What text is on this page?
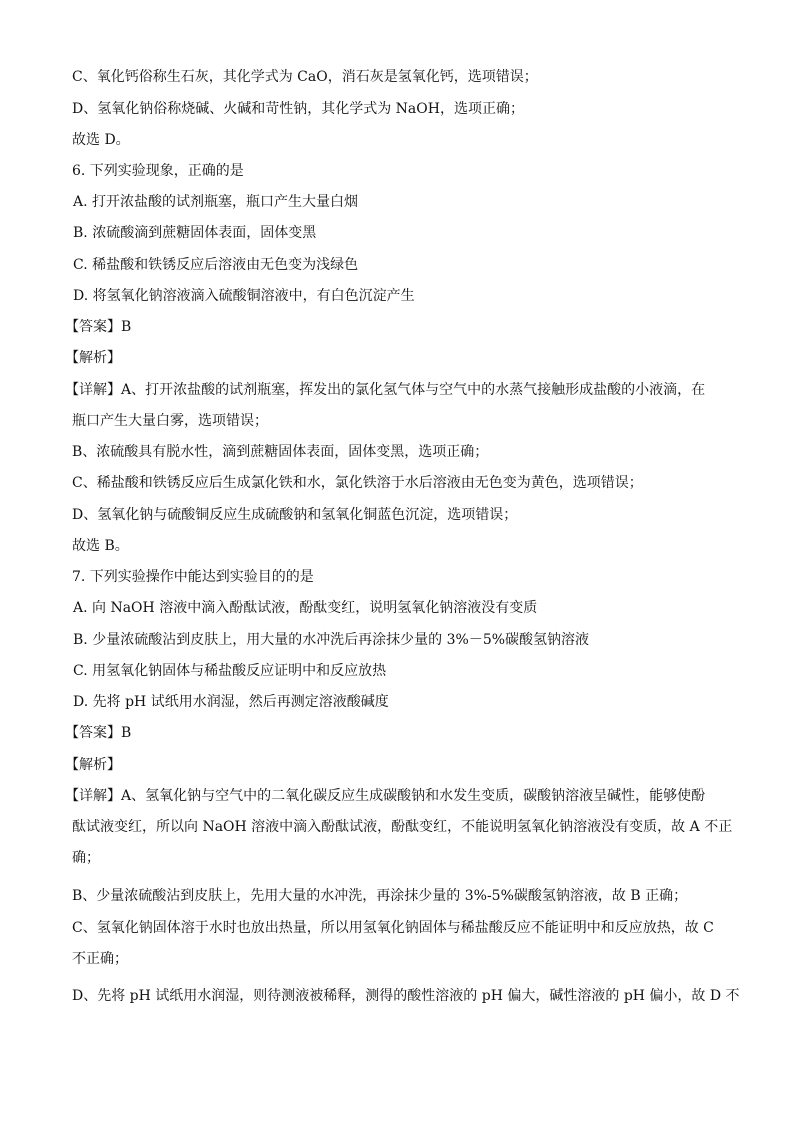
C、氧化钙俗称生石灰，其化学式为 CaO，消石灰是氢氧化钙，选项错误；
D、氢氧化钠俗称烧碱、火碱和苛性钠，其化学式为 NaOH，选项正确；
故选 D。
6. 下列实验现象，正确的是
A. 打开浓盐酸的试剂瓶塞，瓶口产生大量白烟
B. 浓硫酸滴到蔗糖固体表面，固体变黑
C. 稀盐酸和铁锈反应后溶液由无色变为浅绿色
D. 将氢氧化钠溶液滴入硫酸铜溶液中，有白色沉淀产生
【答案】B
【解析】
【详解】A、打开浓盐酸的试剂瓶塞，挥发出的氯化氢气体与空气中的水蒸气接触形成盐酸的小液滴，在
瓶口产生大量白雾，选项错误；
B、浓硫酸具有脱水性，滴到蔗糖固体表面，固体变黑，选项正确；
C、稀盐酸和铁锈反应后生成氯化铁和水，氯化铁溶于水后溶液由无色变为黄色，选项错误；
D、氢氧化钠与硫酸铜反应生成硫酸钠和氢氧化铜蓝色沉淀，选项错误；
故选 B。
7. 下列实验操作中能达到实验目的的是
A. 向 NaOH 溶液中滴入酚酞试液，酚酞变红，说明氢氧化钠溶液没有变质
B. 少量浓硫酸沾到皮肤上，用大量的水冲洗后再涂抹少量的 3%－5%碳酸氢钠溶液
C. 用氢氧化钠固体与稀盐酸反应证明中和反应放热
D. 先将 pH 试纸用水润湿，然后再测定溶液酸碱度
【答案】B
【解析】
【详解】A、氢氧化钠与空气中的二氧化碳反应生成碳酸钠和水发生变质，碳酸钠溶液呈碱性，能够使酚
酞试液变红，所以向 NaOH 溶液中滴入酚酞试液，酚酞变红，不能说明氢氧化钠溶液没有变质，故 A 不正
确；
B、少量浓硫酸沾到皮肤上，先用大量的水冲洗，再涂抹少量的 3%-5%碳酸氢钠溶液，故 B 正确；
C、氢氧化钠固体溶于水时也放出热量，所以用氢氧化钠固体与稀盐酸反应不能证明中和反应放热，故 C
不正确；
D、先将 pH 试纸用水润湿，则待测液被稀释，测得的酸性溶液的 pH 偏大，碱性溶液的 pH 偏小，故 D 不
